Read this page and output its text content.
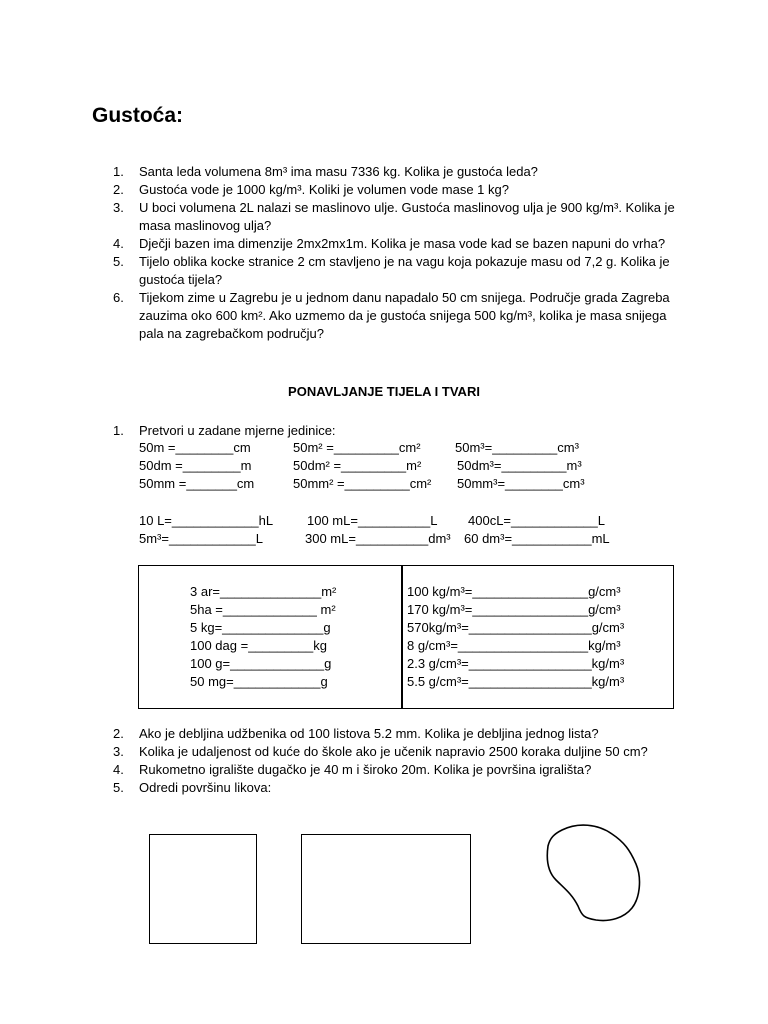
Gustoća:
1. Santa leda volumena 8m³ ima masu 7336 kg. Kolika je gustoća leda?
2. Gustoća vode je 1000 kg/m³. Koliki je volumen vode mase 1 kg?
3. U boci volumena 2L nalazi se maslinovo ulje. Gustoća maslinovog ulja je 900 kg/m³. Kolika je masa maslinovog ulja?
4. Dječji bazen ima dimenzije 2mx2mx1m. Kolika je masa vode kad se bazen napuni do vrha?
5. Tijelo oblika kocke stranice 2 cm stavljeno je na vagu koja pokazuje masu od 7,2 g. Kolika je gustoća tijela?
6. Tijekom zime u Zagrebu je u jednom danu napadalo 50 cm snijega. Područje grada Zagreba zauzima oko 600 km². Ako uzmemo da je gustoća snijega 500 kg/m³, kolika je masa snijega pala na zagrebačkom području?
PONAVLJANJE TIJELA I TVARI
1. Pretvori u zadane mjerne jedinice:
50m =________cm	50m² =_________cm²	50m³=_________cm³
50dm =________m	50dm² =_________m²	50dm³=_________m³
50mm =_______cm	50mm² =_________cm² 50mm³=________cm³
10 L=____________hL	100 mL=__________L 400cL=____________L
5m³=____________L	300 mL=__________dm³ 60 dm³=___________mL
3 ar=______________m²
5ha =_____________ m²
5 kg=______________g
100 dag =_________kg
100 g=_____________g
50 mg=____________g
100 kg/m³=________________g/cm³
170 kg/m³=________________g/cm³
570kg/m³=_________________g/cm³
8 g/cm³=__________________kg/m³
2.3 g/cm³=_________________kg/m³
5.5 g/cm³=_________________kg/m³
2. Ako je debljina udžbenika od 100 listova 5.2 mm. Kolika je debljina jednog lista?
3. Kolika je udaljenost od kuće do škole ako je učenik napravio 2500 koraka duljine 50 cm?
4. Rukometno igralište dugačko je 40 m i široko 20m. Kolika je površina igrališta?
5. Odredi površinu likova:
